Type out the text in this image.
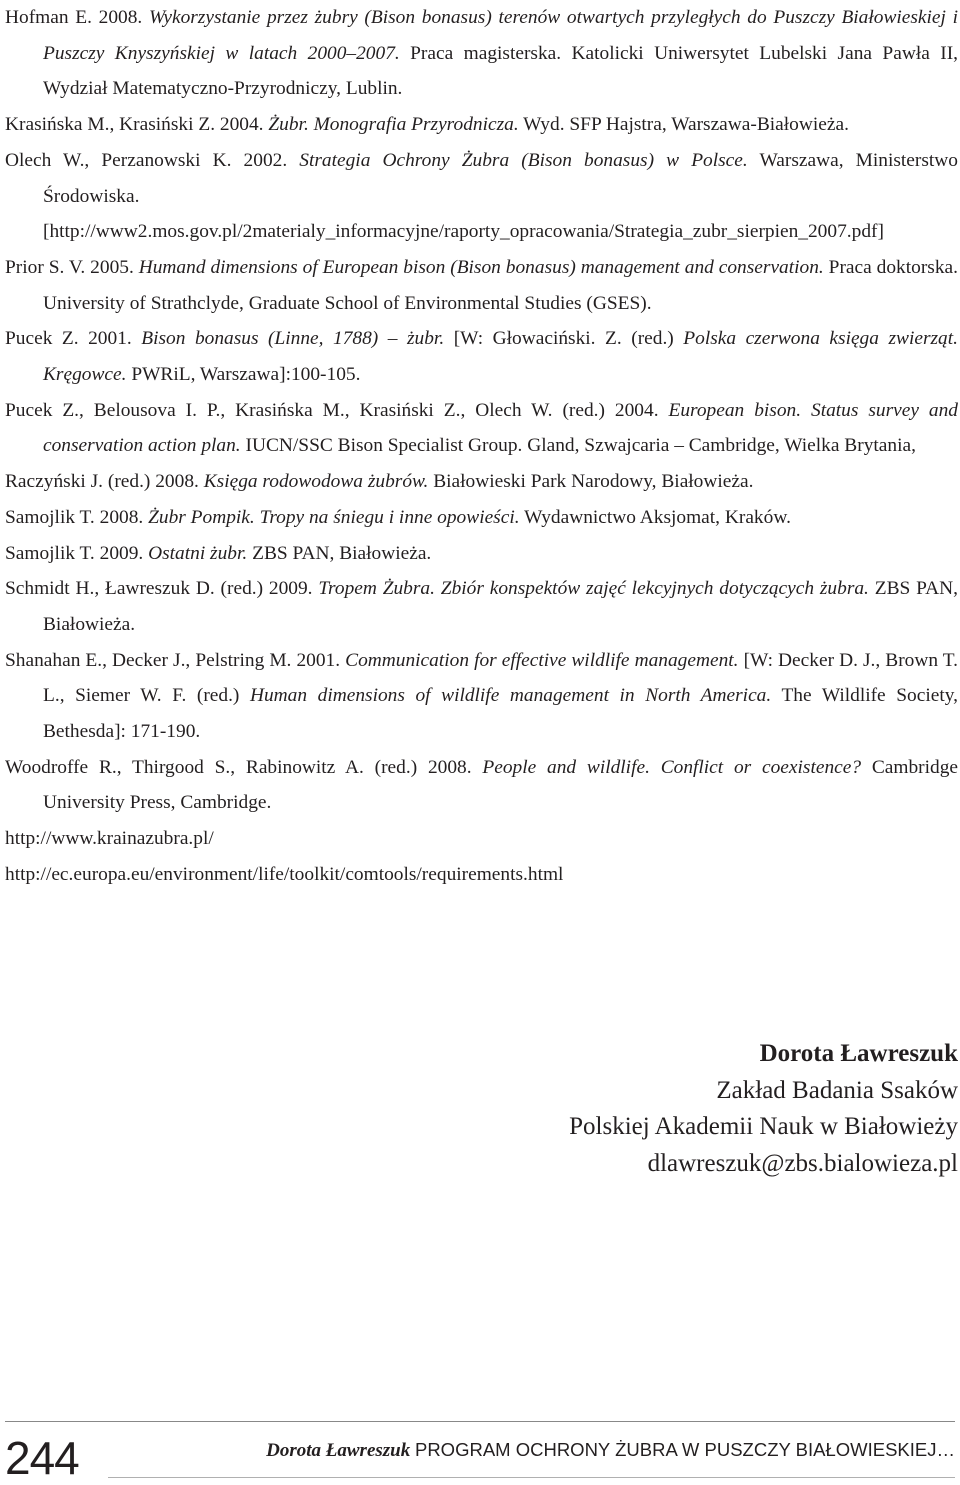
Hofman E. 2008. Wykorzystanie przez żubry (Bison bonasus) terenów otwartych przyległych do Puszczy Białowieskiej i Puszczy Knyszyńskiej w latach 2000–2007. Praca magisterska. Katolicki Uniwersytet Lubelski Jana Pawła II, Wydział Matematyczno-Przyrodniczy, Lublin.

Krasińska M., Krasiński Z. 2004. Żubr. Monografia Przyrodnicza. Wyd. SFP Hajstra, Warszawa-Białowieża.

Olech W., Perzanowski K. 2002. Strategia Ochrony Żubra (Bison bonasus) w Polsce. Warszawa, Ministerstwo Środowiska. [http://www2.mos.gov.pl/2materialy_informacyjne/raporty_opracowania/Strategia_zubr_sierpien_2007.pdf]

Prior S. V. 2005. Humand dimensions of European bison (Bison bonasus) management and conservation. Praca doktorska. University of Strathclyde, Graduate School of Environmental Studies (GSES).

Pucek Z. 2001. Bison bonasus (Linne, 1788) – żubr. [W: Głowaciński. Z. (red.) Polska czerwona księga zwierząt. Kręgowce. PWRiL, Warszawa]:100-105.

Pucek Z., Belousova I. P., Krasińska M., Krasiński Z., Olech W. (red.) 2004. European bison. Status survey and conservation action plan. IUCN/SSC Bison Specialist Group. Gland, Szwajcaria – Cambridge, Wielka Brytania,

Raczyński J. (red.) 2008. Księga rodowodowa żubrów. Białowieski Park Narodowy, Białowieża.

Samojlik T. 2008. Żubr Pompik. Tropy na śniegu i inne opowieści. Wydawnictwo Aksjomat, Kraków.

Samojlik T. 2009. Ostatni żubr. ZBS PAN, Białowieża.

Schmidt H., Ławreszuk D. (red.) 2009. Tropem Żubra. Zbiór konspektów zajęć lekcyjnych dotyczących żubra. ZBS PAN, Białowieża.

Shanahan E., Decker J., Pelstring M. 2001. Communication for effective wildlife management. [W: Decker D. J., Brown T. L., Siemer W. F. (red.) Human dimensions of wildlife management in North America. The Wildlife Society, Bethesda]: 171-190.

Woodroffe R., Thirgood S., Rabinowitz A. (red.) 2008. People and wildlife. Conflict or coexistence? Cambridge University Press, Cambridge.

http://www.krainazubra.pl/

http://ec.europa.eu/environment/life/toolkit/comtools/requirements.html

Dorota Ławreszuk
Zakład Badania Ssaków
Polskiej Akademii Nauk w Białowieży
dlawreszuk@zbs.bialowieza.pl
244	Dorota Ławreszuk PROGRAM OCHRONY ŻUBRA W PUSZCZY BIAŁOWIESKIEJ…
